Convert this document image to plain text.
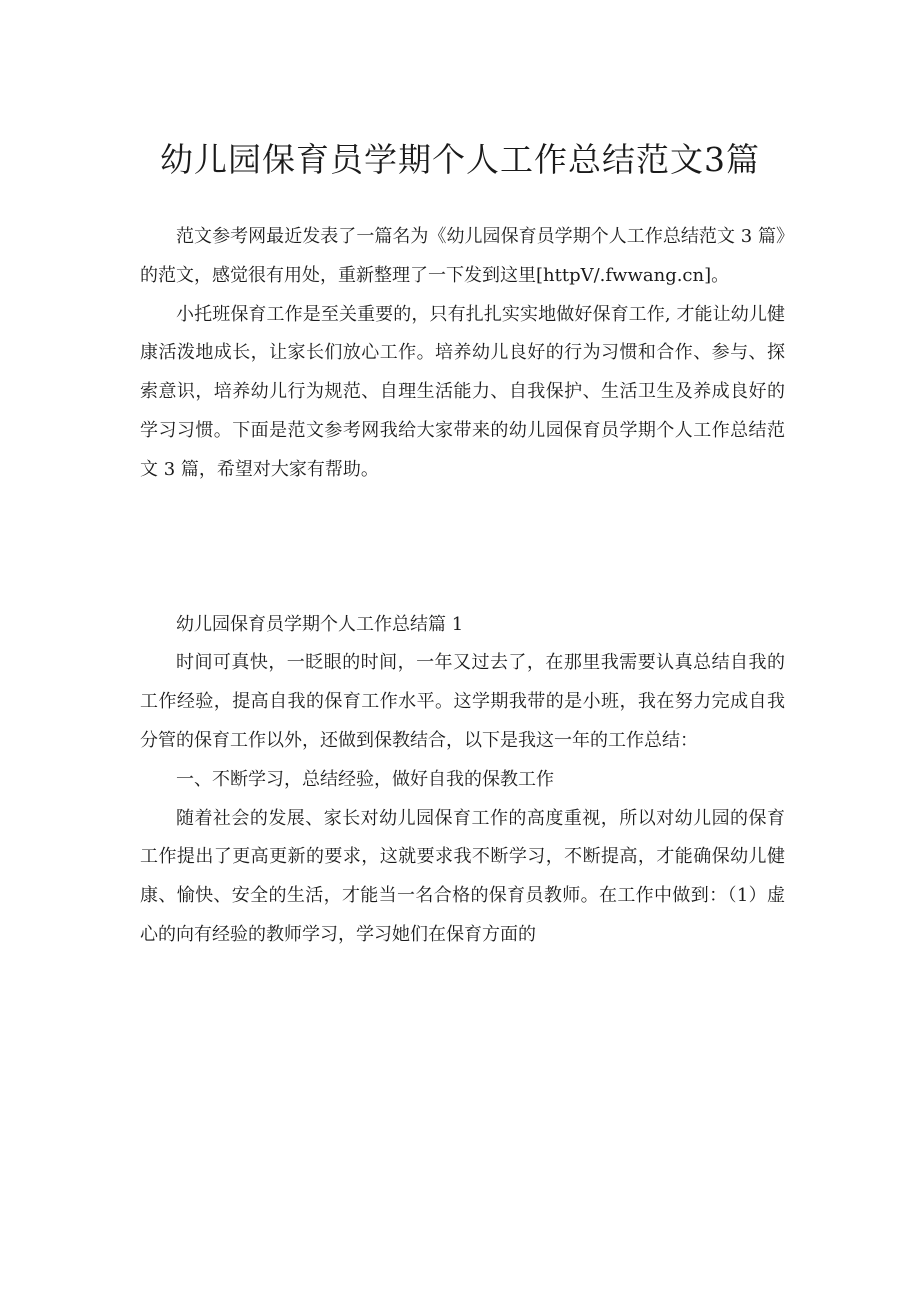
幼儿园保育员学期个人工作总结范文3篇

范文参考网最近发表了一篇名为《幼儿园保育员学期个人工作总结范文 3 篇》的范文，感觉很有用处，重新整理了一下发到这里[httpV/.fwwang.cn]。

小托班保育工作是至关重要的，只有扎扎实实地做好保育工作, 才能让幼儿健康活泼地成长，让家长们放心工作。培养幼儿良好的行为习惯和合作、参与、探索意识，培养幼儿行为规范、自理生活能力、自我保护、生活卫生及养成良好的学习习惯。下面是范文参考网我给大家带来的幼儿园保育员学期个人工作总结范文 3 篇，希望对大家有帮助。

幼儿园保育员学期个人工作总结篇 1

时间可真快，一眨眼的时间，一年又过去了，在那里我需要认真总结自我的工作经验，提高自我的保育工作水平。这学期我带的是小班，我在努力完成自我分管的保育工作以外，还做到保教结合，以下是我这一年的工作总结：

一、不断学习，总结经验，做好自我的保教工作

随着社会的发展、家长对幼儿园保育工作的高度重视，所以对幼儿园的保育工作提出了更高更新的要求，这就要求我不断学习，不断提高，才能确保幼儿健康、愉快、安全的生活，才能当一名合格的保育员教师。在工作中做到：（1）虚心的向有经验的教师学习，学习她们在保育方面的
